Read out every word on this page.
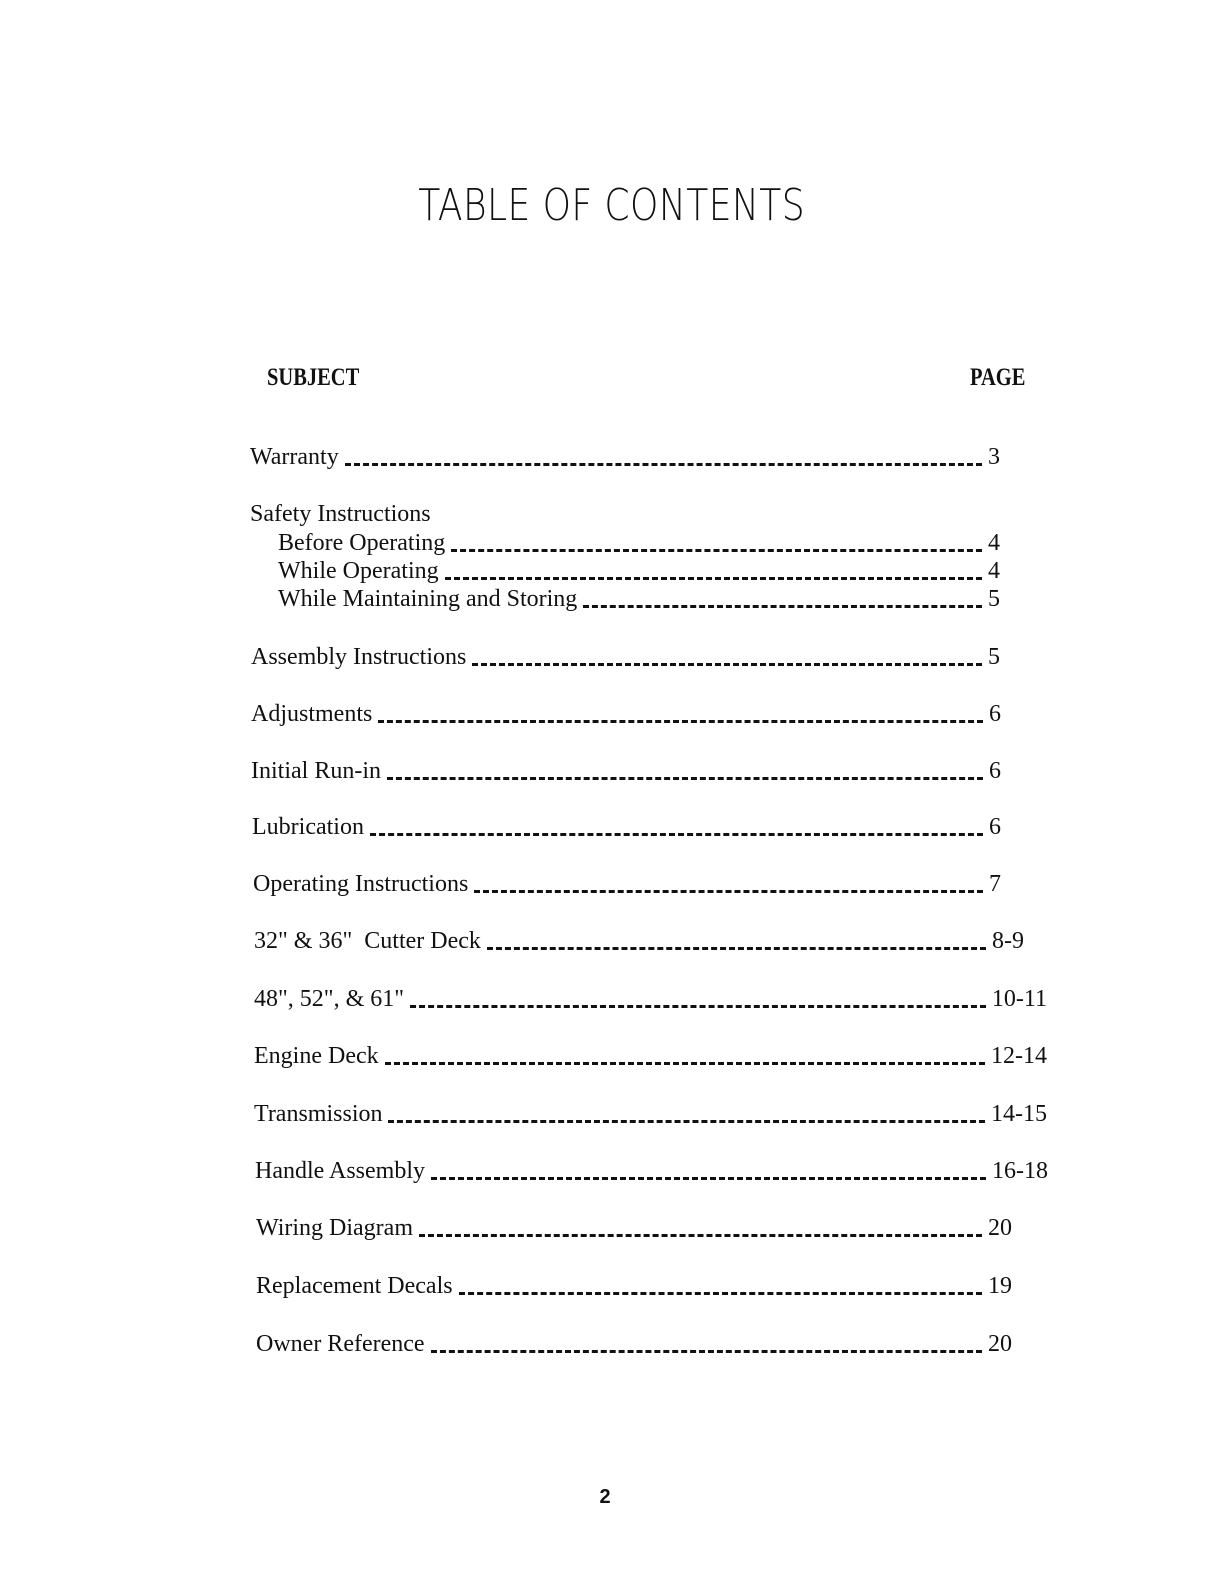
TABLE OF CONTENTS
SUBJECT	PAGE
Warranty	3
Safety Instructions
Before Operating	4
While Operating	4
While Maintaining and Storing	5
Assembly Instructions	5
Adjustments	6
Initial Run-in	6
Lubrication	6
Operating Instructions	7
32" & 36"  Cutter Deck	8-9
48", 52", & 61"	10-11
Engine Deck	12-14
Transmission	14-15
Handle Assembly	16-18
Wiring Diagram	20
Replacement Decals	19
Owner Reference	20
2
